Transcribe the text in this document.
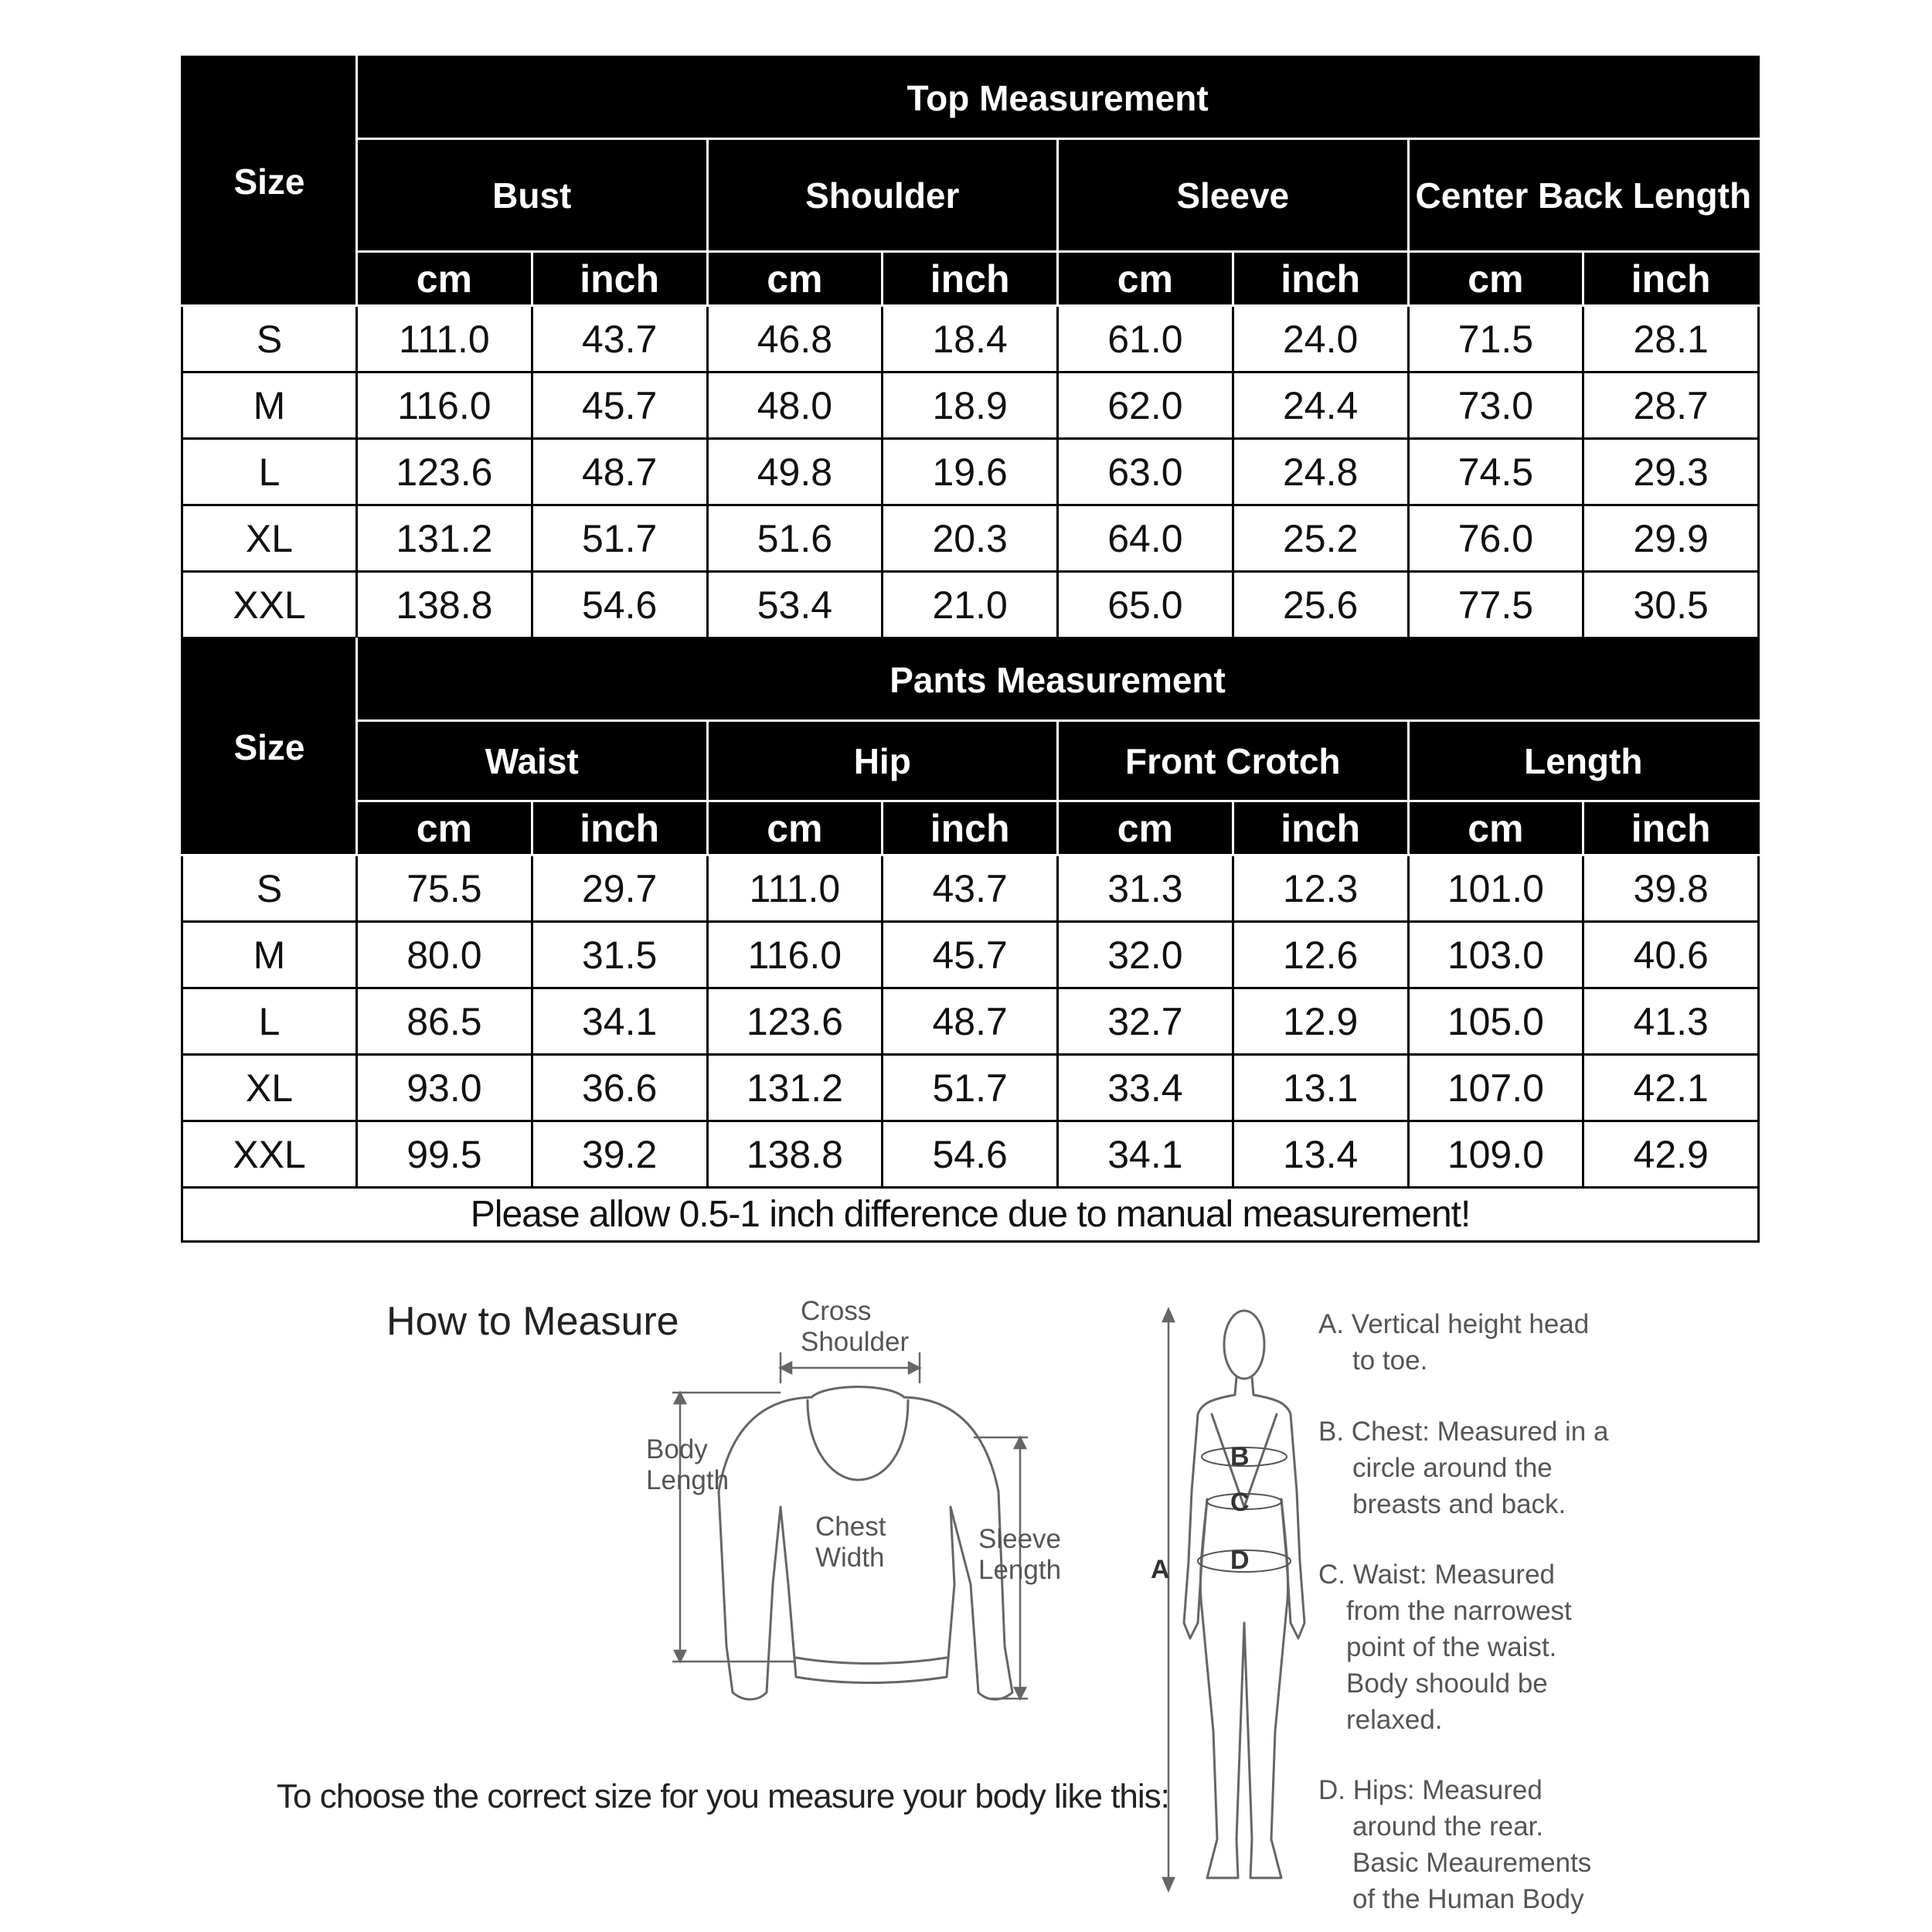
Size	Top Measurement							
	Bust		Shoulder		Sleeve		Center Back Length	
	cm	inch	cm	inch	cm	inch	cm	inch
S	111.0	43.7	46.8	18.4	61.0	24.0	71.5	28.1
M	116.0	45.7	48.0	18.9	62.0	24.4	73.0	28.7
L	123.6	48.7	49.8	19.6	63.0	24.8	74.5	29.3
XL	131.2	51.7	51.6	20.3	64.0	25.2	76.0	29.9
XXL	138.8	54.6	53.4	21.0	65.0	25.6	77.5	30.5
Size	Pants Measurement							
	Waist		Hip		Front Crotch		Length	
	cm	inch	cm	inch	cm	inch	cm	inch
S	75.5	29.7	111.0	43.7	31.3	12.3	101.0	39.8
M	80.0	31.5	116.0	45.7	32.0	12.6	103.0	40.6
L	86.5	34.1	123.6	48.7	32.7	12.9	105.0	41.3
XL	93.0	36.6	131.2	51.7	33.4	13.1	107.0	42.1
XXL	99.5	39.2	138.8	54.6	34.1	13.4	109.0	42.9
Please allow 0.5-1 inch difference due to manual measurement!								
How to Measure	Cross
Shoulder
Body
Length
Chest
Width
Sleeve
Length	A
B
C
D
A. Vertical height head
to toe.
B. Chest: Measured in a
circle around the
breasts and back.
C. Waist: Measured
from the narrowest
point of the waist.
Body shoould be
relaxed.
D. Hips: Measured
around the rear.
Basic Meaurements
of the Human Body
To choose the correct size for you measure your body like this:
